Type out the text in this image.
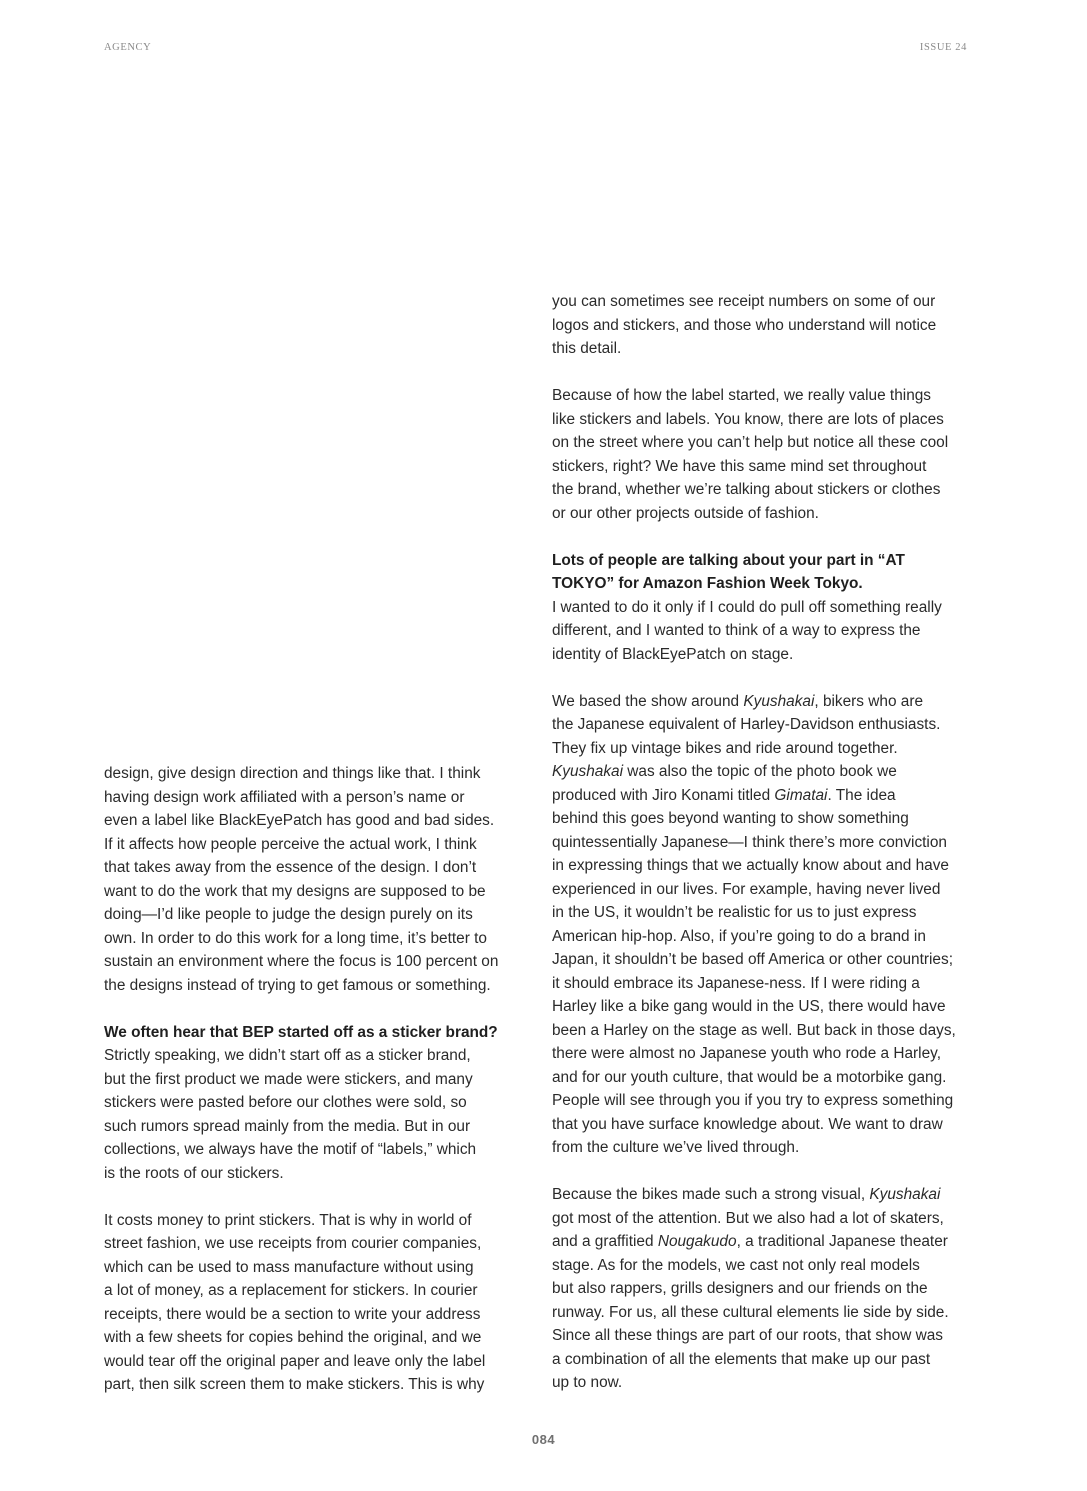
AGENCY	ISSUE 24
design, give design direction and things like that. I think
having design work affiliated with a person’s name or
even a label like BlackEyePatch has good and bad sides.
If it affects how people perceive the actual work, I think
that takes away from the essence of the design. I don’t
want to do the work that my designs are supposed to be
doing—I’d like people to judge the design purely on its
own. In order to do this work for a long time, it’s better to
sustain an environment where the focus is 100 percent on
the designs instead of trying to get famous or something.
We often hear that BEP started off as a sticker brand?
Strictly speaking, we didn’t start off as a sticker brand,
but the first product we made were stickers, and many
stickers were pasted before our clothes were sold, so
such rumors spread mainly from the media. But in our
collections, we always have the motif of “labels,” which
is the roots of our stickers.
It costs money to print stickers. That is why in world of
street fashion, we use receipts from courier companies,
which can be used to mass manufacture without using
a lot of money, as a replacement for stickers. In courier
receipts, there would be a section to write your address
with a few sheets for copies behind the original, and we
would tear off the original paper and leave only the label
part, then silk screen them to make stickers. This is why
you can sometimes see receipt numbers on some of our
logos and stickers, and those who understand will notice
this detail.
Because of how the label started, we really value things
like stickers and labels. You know, there are lots of places
on the street where you can’t help but notice all these cool
stickers, right? We have this same mind set throughout
the brand, whether we’re talking about stickers or clothes
or our other projects outside of fashion.
Lots of people are talking about your part in “AT
TOKYO” for Amazon Fashion Week Tokyo.
I wanted to do it only if I could do pull off something really
different, and I wanted to think of a way to express the
identity of BlackEyePatch on stage.
We based the show around Kyushakai, bikers who are
the Japanese equivalent of Harley-Davidson enthusiasts.
They fix up vintage bikes and ride around together.
Kyushakai was also the topic of the photo book we
produced with Jiro Konami titled Gimatai. The idea
behind this goes beyond wanting to show something
quintessentially Japanese—I think there’s more conviction
in expressing things that we actually know about and have
experienced in our lives. For example, having never lived
in the US, it wouldn’t be realistic for us to just express
American hip-hop. Also, if you’re going to do a brand in
Japan, it shouldn’t be based off America or other countries;
it should embrace its Japanese-ness. If I were riding a
Harley like a bike gang would in the US, there would have
been a Harley on the stage as well. But back in those days,
there were almost no Japanese youth who rode a Harley,
and for our youth culture, that would be a motorbike gang.
People will see through you if you try to express something
that you have surface knowledge about. We want to draw
from the culture we’ve lived through.
Because the bikes made such a strong visual, Kyushakai
got most of the attention. But we also had a lot of skaters,
and a graffitied Nougakudo, a traditional Japanese theater
stage. As for the models, we cast not only real models
but also rappers, grills designers and our friends on the
runway. For us, all these cultural elements lie side by side.
Since all these things are part of our roots, that show was
a combination of all the elements that make up our past
up to now.
084
